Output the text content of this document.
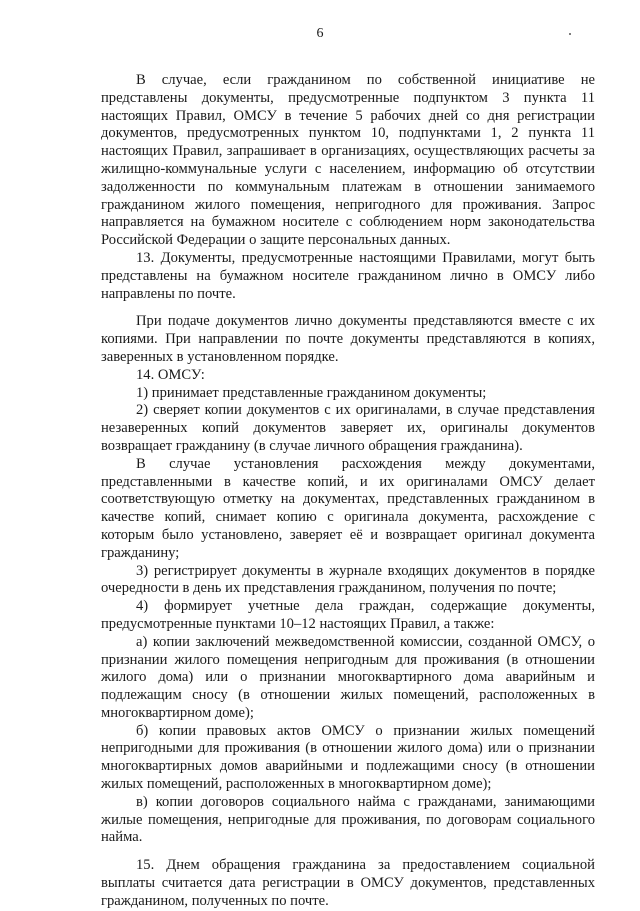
6

В случае, если гражданином по собственной инициативе не представлены документы, предусмотренные подпунктом 3 пункта 11 настоящих Правил, ОМСУ в течение 5 рабочих дней со дня регистрации документов, предусмотренных пунктом 10, подпунктами 1, 2 пункта 11 настоящих Правил, запрашивает в организациях, осуществляющих расчеты за жилищно-коммунальные услуги с населением, информацию об отсутствии задолженности по коммунальным платежам в отношении занимаемого гражданином жилого помещения, непригодного для проживания. Запрос направляется на бумажном носителе с соблюдением норм законодательства Российской Федерации о защите персональных данных.

13. Документы, предусмотренные настоящими Правилами, могут быть представлены на бумажном носителе гражданином лично в ОМСУ либо направлены по почте.

При подаче документов лично документы представляются вместе с их копиями. При направлении по почте документы представляются в копиях, заверенных в установленном порядке.

14. ОМСУ:

1) принимает представленные гражданином документы;

2) сверяет копии документов с их оригиналами, в случае представления незаверенных копий документов заверяет их, оригиналы документов возвращает гражданину (в случае личного обращения гражданина).

В случае установления расхождения между документами, представленными в качестве копий, и их оригиналами ОМСУ делает соответствующую отметку на документах, представленных гражданином в качестве копий, снимает копию с оригинала документа, расхождение с которым было установлено, заверяет её и возвращает оригинал документа гражданину;

3) регистрирует документы в журнале входящих документов в порядке очередности в день их представления гражданином, получения по почте;

4) формирует учетные дела граждан, содержащие документы, предусмотренные пунктами 10–12 настоящих Правил, а также:

а) копии заключений межведомственной комиссии, созданной ОМСУ, о признании жилого помещения непригодным для проживания (в отношении жилого дома) или о признании многоквартирного дома аварийным и подлежащим сносу (в отношении жилых помещений, расположенных в многоквартирном доме);

б) копии правовых актов ОМСУ о признании жилых помещений непригодными для проживания (в отношении жилого дома) или о признании многоквартирных домов аварийными и подлежащими сносу (в отношении жилых помещений, расположенных в многоквартирном доме);

в) копии договоров социального найма с гражданами, занимающими жилые помещения, непригодные для проживания, по договорам социального найма.

15. Днем обращения гражданина за предоставлением социальной выплаты считается дата регистрации в ОМСУ документов, представленных гражданином, полученных по почте.
